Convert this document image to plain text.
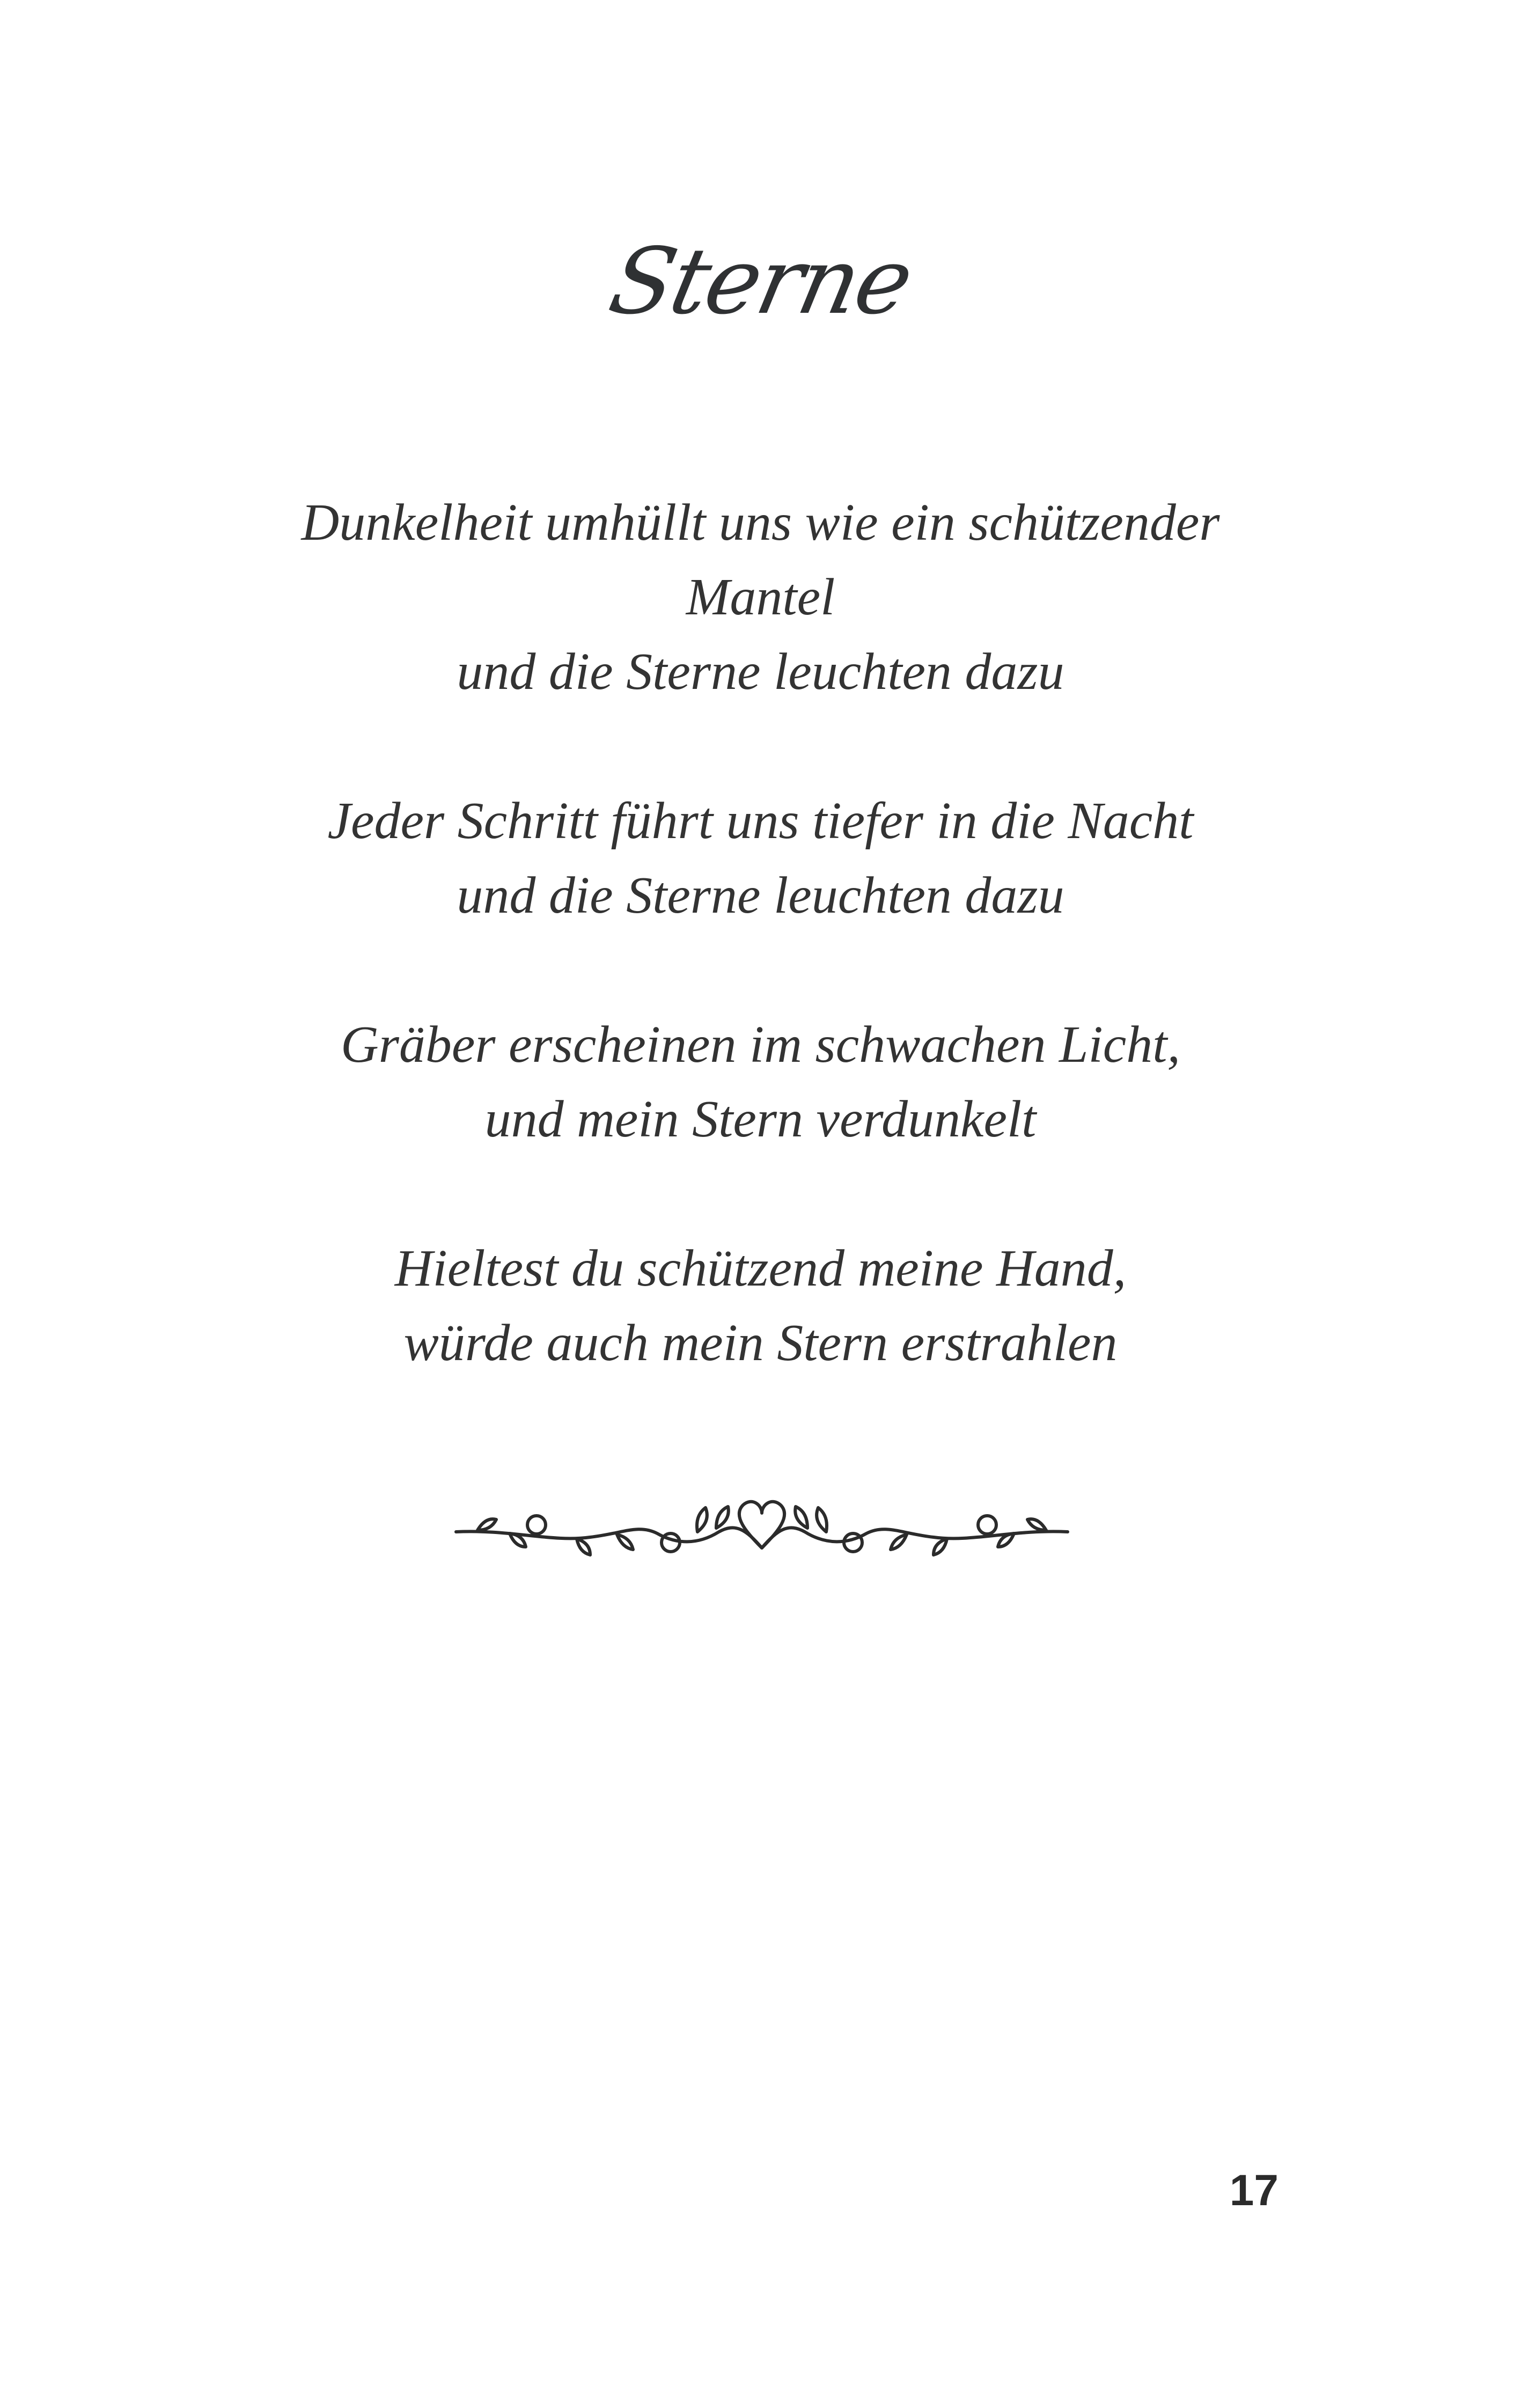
Sterne
Dunkelheit umhüllt uns wie ein schützender
Mantel
und die Sterne leuchten dazu
Jeder Schritt führt uns tiefer in die Nacht
und die Sterne leuchten dazu
Gräber erscheinen im schwachen Licht,
und mein Stern verdunkelt
Hieltest du schützend meine Hand,
würde auch mein Stern erstrahlen
17
